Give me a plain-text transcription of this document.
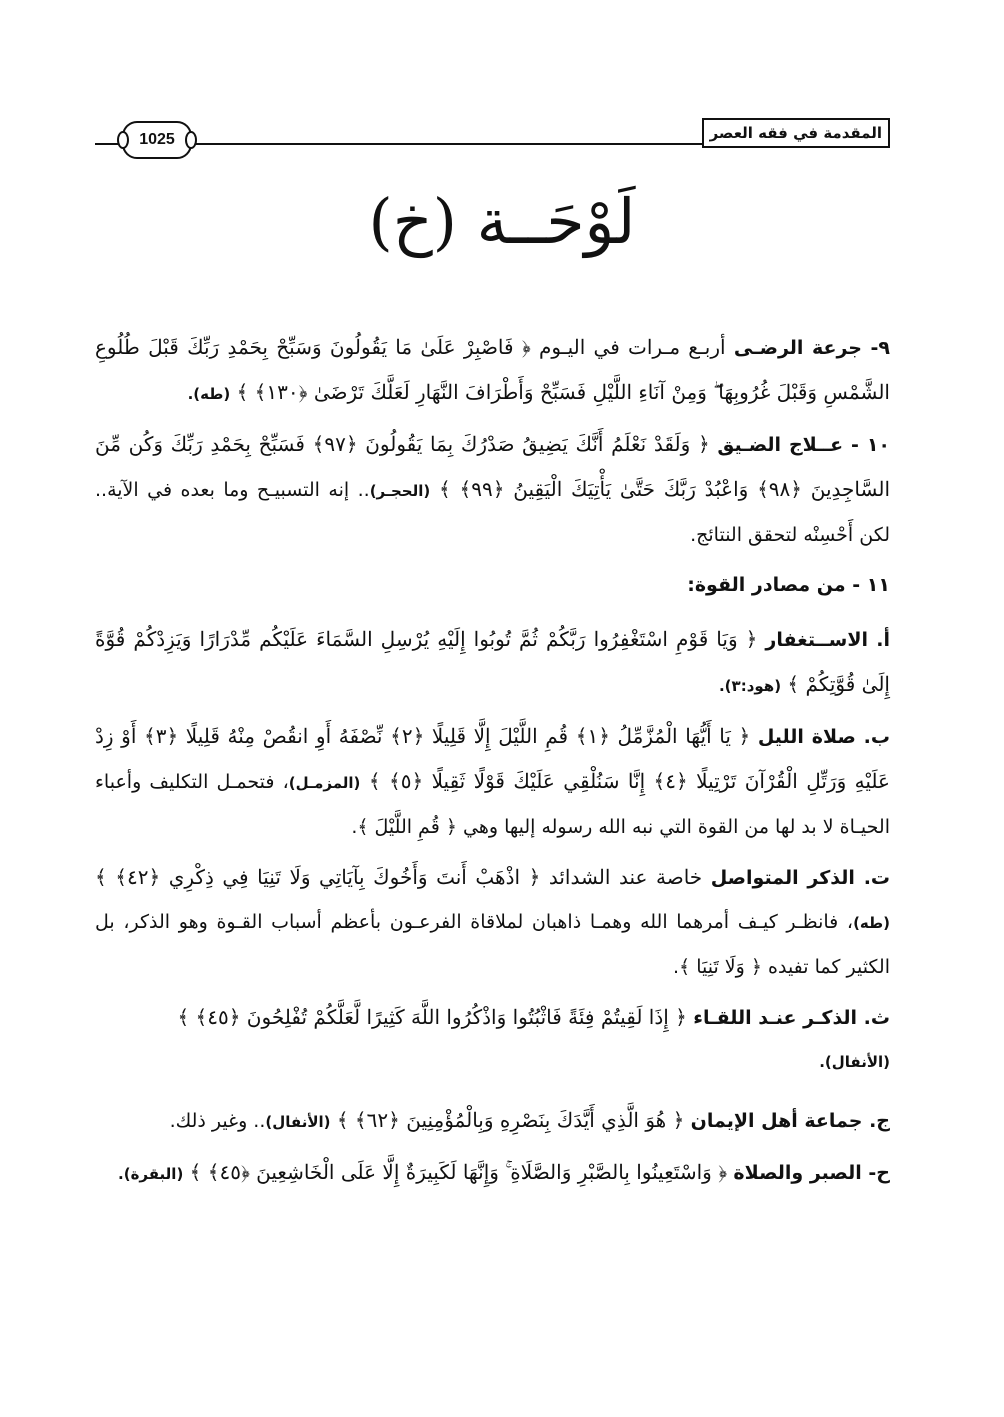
المقدمة في فقه العصر
1025
لَوْحَــة (خ)

٩- جرعة الرضـى أربـع مـرات في اليـوم ﴿ فَاصْبِرْ عَلَىٰ مَا يَقُولُونَ وَسَبِّحْ بِحَمْدِ رَبِّكَ قَبْلَ طُلُوعِ الشَّمْسِ وَقَبْلَ غُرُوبِهَا ۖ وَمِنْ آنَاءِ اللَّيْلِ فَسَبِّحْ وَأَطْرَافَ النَّهَارِ لَعَلَّكَ تَرْضَىٰ ﴿١٣٠﴾ ﴾ (طه).

١٠ - عــلاج الضـيق ﴿ وَلَقَدْ نَعْلَمُ أَنَّكَ يَضِيقُ صَدْرُكَ بِمَا يَقُولُونَ ﴿٩٧﴾ فَسَبِّحْ بِحَمْدِ رَبِّكَ وَكُن مِّنَ السَّاجِدِينَ ﴿٩٨﴾ وَاعْبُدْ رَبَّكَ حَتَّىٰ يَأْتِيَكَ الْيَقِينُ ﴿٩٩﴾ ﴾ (الحجـر).. إنه التسبيـح وما بعده في الآية.. لكن أَحْسِنْه لتحقق النتائج.

١١ - من مصادر القوة:

أ. الاســتغفار ﴿ وَيَا قَوْمِ اسْتَغْفِرُوا رَبَّكُمْ ثُمَّ تُوبُوا إِلَيْهِ يُرْسِلِ السَّمَاءَ عَلَيْكُم مِّدْرَارًا وَيَزِدْكُمْ قُوَّةً إِلَىٰ قُوَّتِكُمْ ﴾ (هود:٣).

ب. صلاة الليل ﴿ يَا أَيُّهَا الْمُزَّمِّلُ ﴿١﴾ قُمِ اللَّيْلَ إِلَّا قَلِيلًا ﴿٢﴾ نِّصْفَهُ أَوِ انقُصْ مِنْهُ قَلِيلًا ﴿٣﴾ أَوْ زِدْ عَلَيْهِ وَرَتِّلِ الْقُرْآنَ تَرْتِيلًا ﴿٤﴾ إِنَّا سَنُلْقِي عَلَيْكَ قَوْلًا ثَقِيلًا ﴿٥﴾ ﴾ (المزمـل)، فتحمـل التكليف وأعباء الحيـاة لا بد لها من القوة التي نبه الله رسوله إليها وهي ﴿ قُمِ اللَّيْلَ ﴾.

ت. الذكر المتواصل خاصة عند الشدائد ﴿ اذْهَبْ أَنتَ وَأَخُوكَ بِآيَاتِي وَلَا تَنِيَا فِي ذِكْرِي ﴿٤٢﴾ ﴾ (طه)، فانظـر كيـف أمرهما الله وهمـا ذاهبان لملاقاة الفرعـون بأعظم أسباب القـوة وهو الذكر، بل الكثير كما تفيده ﴿ وَلَا تَنِيَا ﴾.

ث. الذكـر عنـد اللقـاء ﴿ إِذَا لَقِيتُمْ فِئَةً فَاثْبُتُوا وَاذْكُرُوا اللَّهَ كَثِيرًا لَّعَلَّكُمْ تُفْلِحُونَ ﴿٤٥﴾ ﴾

(الأنفال).

ج. جماعة أهل الإيمان ﴿ هُوَ الَّذِي أَيَّدَكَ بِنَصْرِهِ وَبِالْمُؤْمِنِينَ ﴿٦٢﴾ ﴾ (الأنفال).. وغير ذلك.

ح- الصبر والصلاة ﴿ وَاسْتَعِينُوا بِالصَّبْرِ وَالصَّلَاةِ ۚ وَإِنَّهَا لَكَبِيرَةٌ إِلَّا عَلَى الْخَاشِعِينَ ﴿٤٥﴾ ﴾ (البقرة).
